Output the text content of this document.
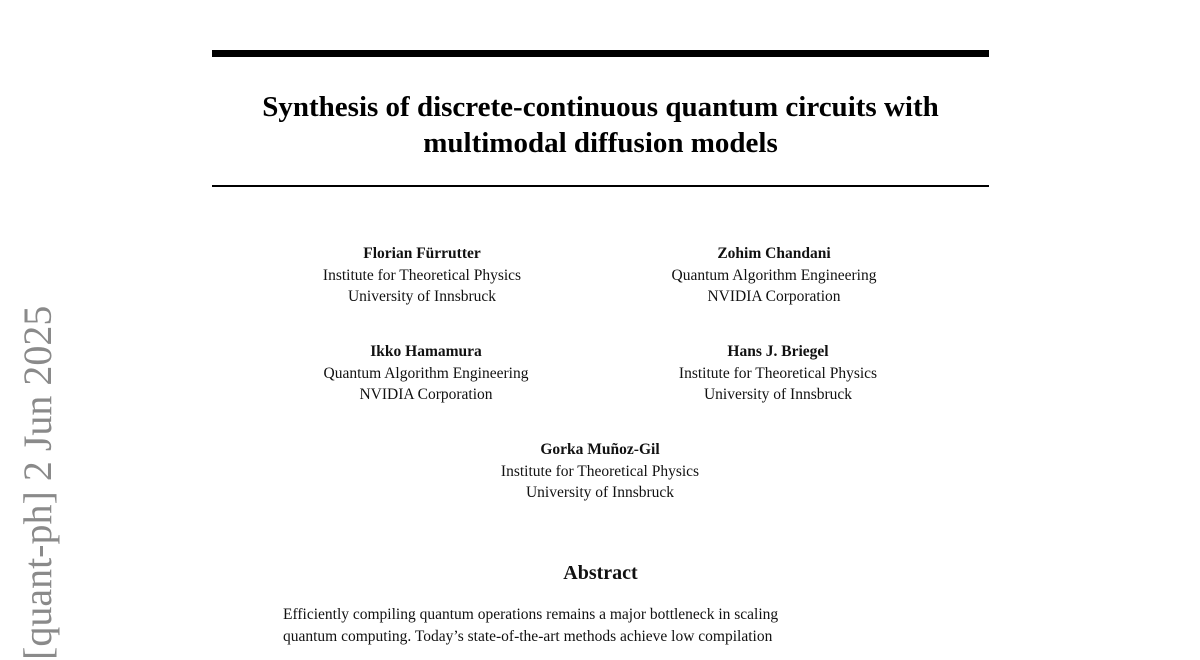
Synthesis of discrete-continuous quantum circuits with
multimodal diffusion models
Florian Fürrutter
Institute for Theoretical Physics
University of Innsbruck
Zohim Chandani
Quantum Algorithm Engineering
NVIDIA Corporation
Ikko Hamamura
Quantum Algorithm Engineering
NVIDIA Corporation
Hans J. Briegel
Institute for Theoretical Physics
University of Innsbruck
Gorka Muñoz-Gil
Institute for Theoretical Physics
University of Innsbruck
Abstract

Efficiently compiling quantum operations remains a major bottleneck in scaling
quantum computing. Today’s state-of-the-art methods achieve low compilation

[quant-ph] 2 Jun 2025
